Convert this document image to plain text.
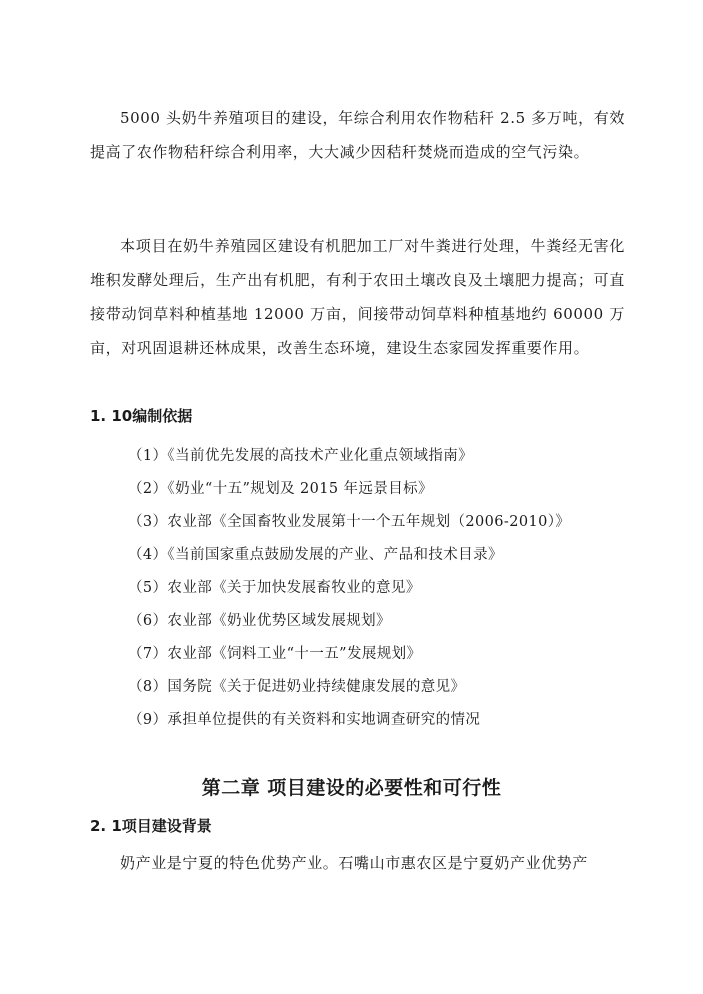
5000 头奶牛养殖项目的建设，年综合利用农作物秸秆 2.5 多万吨，有效提高了农作物秸秆综合利用率，大大减少因秸秆焚烧而造成的空气污染。
本项目在奶牛养殖园区建设有机肥加工厂对牛粪进行处理，牛粪经无害化堆积发酵处理后，生产出有机肥，有利于农田土壤改良及土壤肥力提高；可直接带动饲草料种植基地 12000 万亩，间接带动饲草料种植基地约 60000 万亩，对巩固退耕还林成果，改善生态环境，建设生态家园发挥重要作用。
1. 10编制依据
（1）《当前优先发展的高技术产业化重点领域指南》
（2）《奶业“十五”规划及 2015 年远景目标》
（3）农业部《全国畜牧业发展第十一个五年规划（2006-2010）》
（4）《当前国家重点鼓励发展的产业、产品和技术目录》
（5）农业部《关于加快发展畜牧业的意见》
（6）农业部《奶业优势区域发展规划》
（7）农业部《饲料工业“十一五”发展规划》
（8）国务院《关于促进奶业持续健康发展的意见》
（9）承担单位提供的有关资料和实地调查研究的情况
第二章 项目建设的必要性和可行性
2. 1项目建设背景
奶产业是宁夏的特色优势产业。石嘴山市惠农区是宁夏奶产业优势产
